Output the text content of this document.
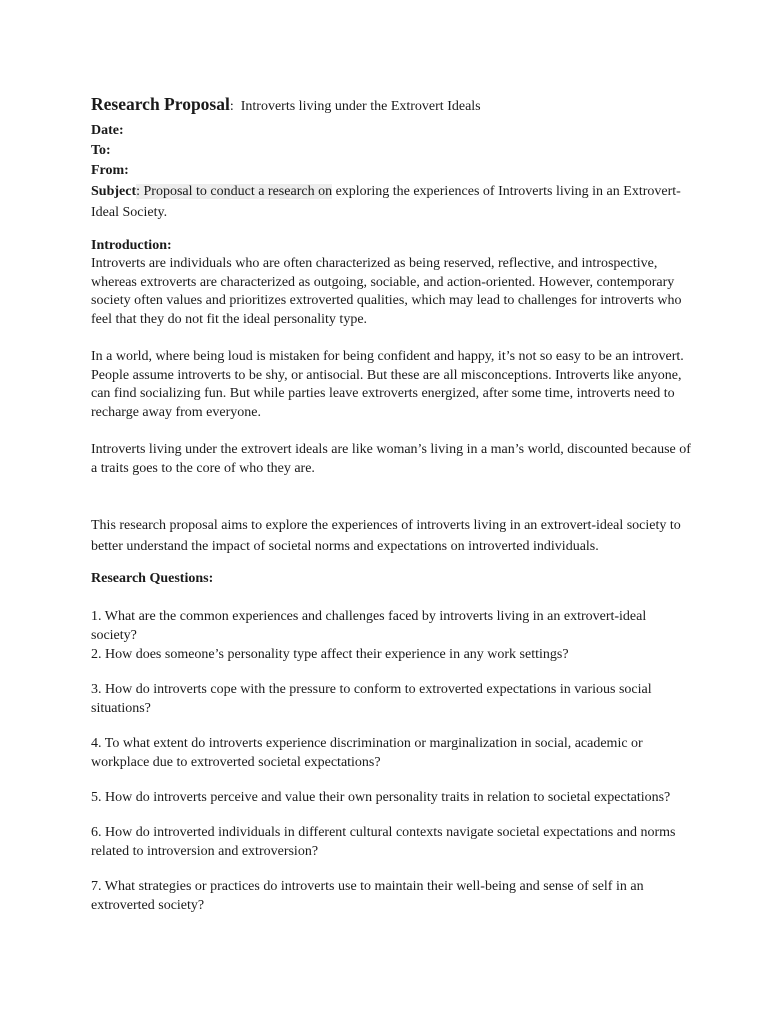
Research Proposal: Introverts living under the Extrovert Ideals
Date:
To:
From:
Subject: Proposal to conduct a research on exploring the experiences of Introverts living in an Extrovert-Ideal Society.
Introduction:

Introverts are individuals who are often characterized as being reserved, reflective, and introspective, whereas extroverts are characterized as outgoing, sociable, and action-oriented. However, contemporary society often values and prioritizes extroverted qualities, which may lead to challenges for introverts who feel that they do not fit the ideal personality type.

In a world, where being loud is mistaken for being confident and happy, it’s not so easy to be an introvert. People assume introverts to be shy, or antisocial. But these are all misconceptions. Introverts like anyone, can find socializing fun. But while parties leave extroverts energized, after some time, introverts need to recharge away from everyone.

Introverts living under the extrovert ideals are like woman’s living in a man’s world, discounted because of a traits goes to the core of who they are.

This research proposal aims to explore the experiences of introverts living in an extrovert-ideal society to better understand the impact of societal norms and expectations on introverted individuals.

Research Questions:

1. What are the common experiences and challenges faced by introverts living in an extrovert-ideal society?

2. How does someone’s personality type affect their experience in any work settings?

3. How do introverts cope with the pressure to conform to extroverted expectations in various social situations?

4. To what extent do introverts experience discrimination or marginalization in social, academic or workplace due to extroverted societal expectations?

5. How do introverts perceive and value their own personality traits in relation to societal expectations?

6. How do introverted individuals in different cultural contexts navigate societal expectations and norms related to introversion and extroversion?

7. What strategies or practices do introverts use to maintain their well-being and sense of self in an extroverted society?
